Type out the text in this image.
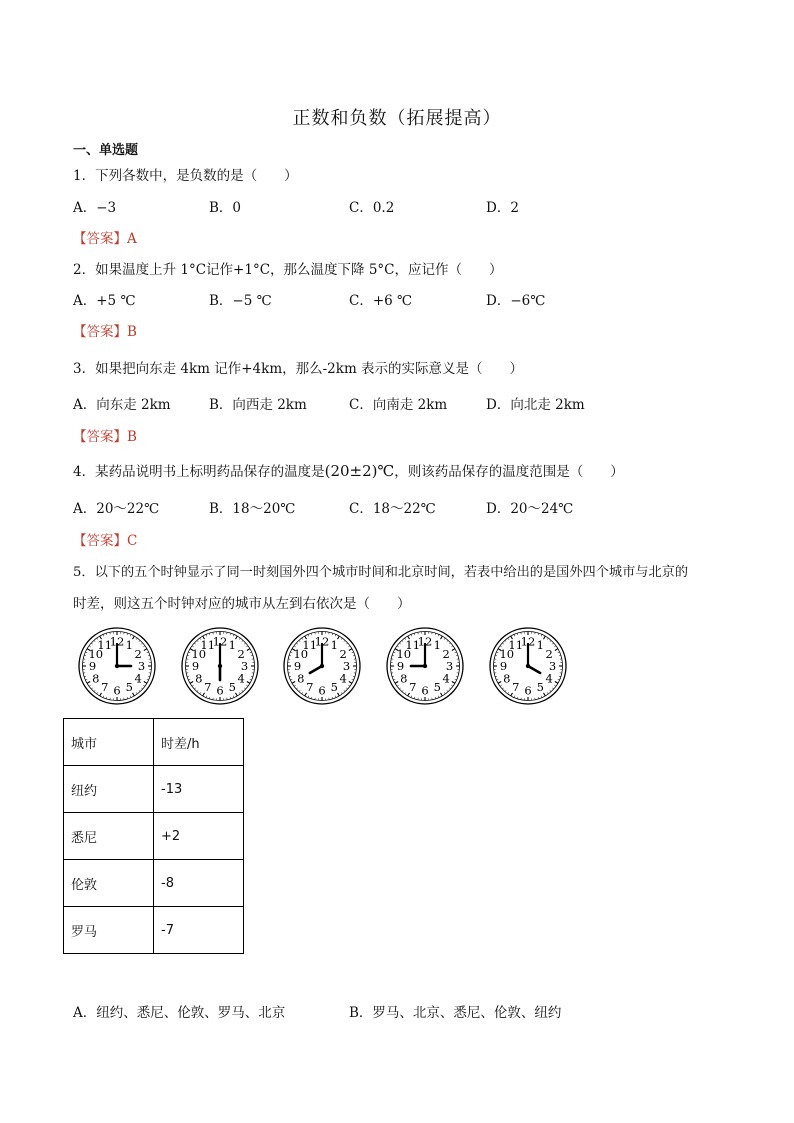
正数和负数（拓展提高）
一、单选题
1．下列各数中，是负数的是（　　）
A．−3	B．0	C．0.2	D．2
【答案】A
2．如果温度上升 1°C记作+1°C，那么温度下降 5°C，应记作（　　）
A．+5 ℃	B．−5 ℃	C．+6 ℃	D．−6℃
【答案】B
3．如果把向东走 4km 记作+4km，那么-2km 表示的实际意义是（　　）
A．向东走 2km	B．向西走 2km	C．向南走 2km	D．向北走 2km
【答案】B
4．某药品说明书上标明药品保存的温度是(20±2)℃，则该药品保存的温度范围是（　　）
A．20～22℃	B．18～20℃	C．18～22℃	D．20～24℃
【答案】C
5．以下的五个时钟显示了同一时刻国外四个城市时间和北京时间，若表中给出的是国外四个城市与北京的
时差，则这五个时钟对应的城市从左到右依次是（　　）
12 1
2
3
4
5
6
7
8
9
10
11	12 1
2
3
4
5
6
7
8
9
10
11	12 1
2
3
4
5
6
7
8
9
10
11	12 1
2
3
4
5
6
7
8
9
10
11	12 1
2
3
4
5
6
7
8
9
10
11
城市	时差/h
纽约	-13
悉尼	+2
伦敦	-8
罗马	-7
A．纽约、悉尼、伦敦、罗马、北京	B．罗马、北京、悉尼、伦敦、纽约
